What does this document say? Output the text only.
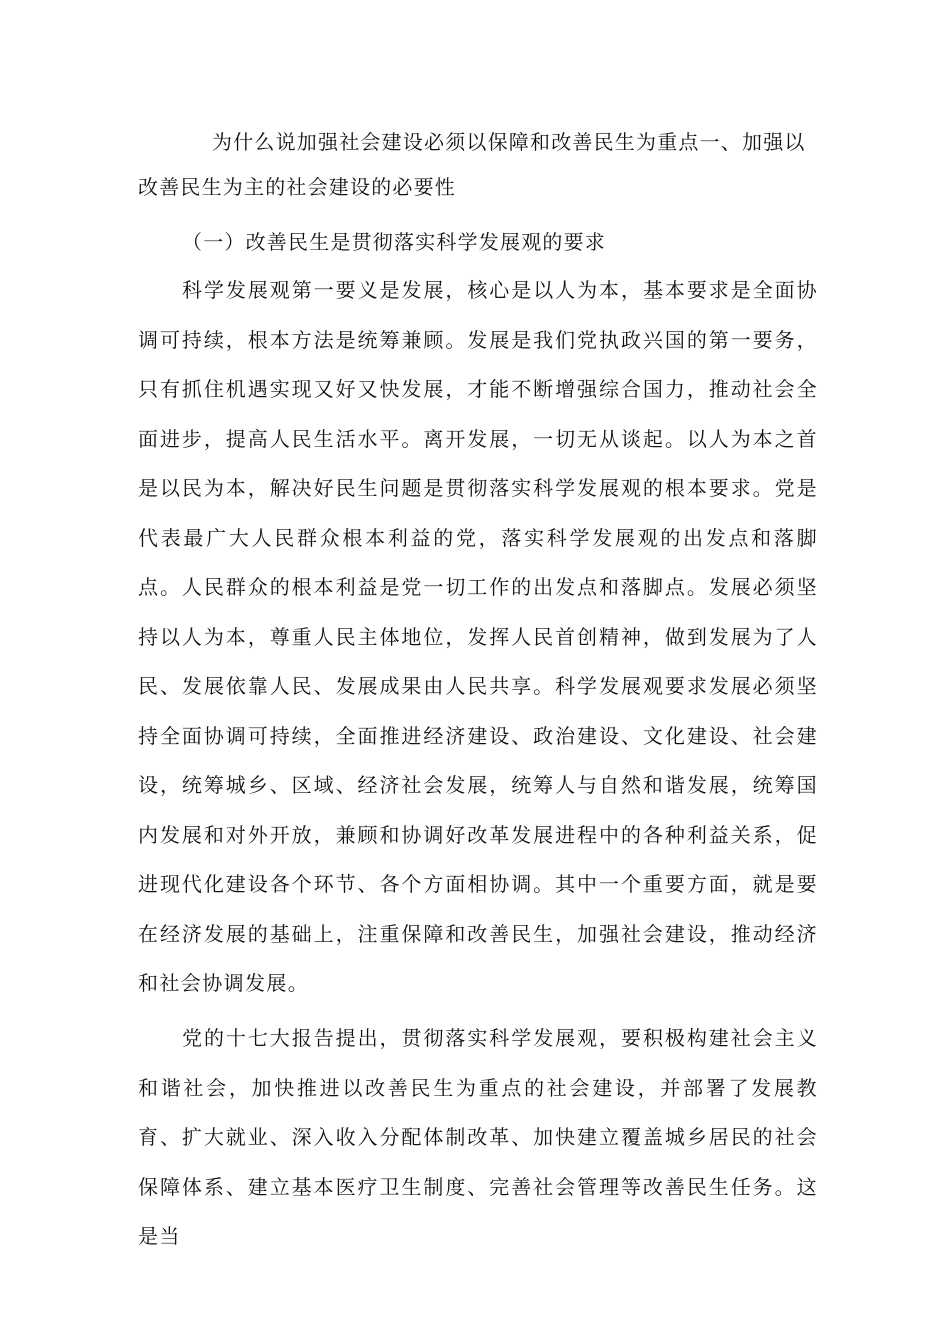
为什么说加强社会建设必须以保障和改善民生为重点一、加强以改善民生为主的社会建设的必要性
（一）改善民生是贯彻落实科学发展观的要求
科学发展观第一要义是发展，核心是以人为本，基本要求是全面协调可持续，根本方法是统筹兼顾。发展是我们党执政兴国的第一要务，只有抓住机遇实现又好又快发展，才能不断增强综合国力，推动社会全面进步，提高人民生活水平。离开发展，一切无从谈起。以人为本之首是以民为本，解决好民生问题是贯彻落实科学发展观的根本要求。党是代表最广大人民群众根本利益的党，落实科学发展观的出发点和落脚点。人民群众的根本利益是党一切工作的出发点和落脚点。发展必须坚持以人为本，尊重人民主体地位，发挥人民首创精神，做到发展为了人民、发展依靠人民、发展成果由人民共享。科学发展观要求发展必须坚持全面协调可持续，全面推进经济建设、政治建设、文化建设、社会建设，统筹城乡、区域、经济社会发展，统筹人与自然和谐发展，统筹国内发展和对外开放，兼顾和协调好改革发展进程中的各种利益关系，促进现代化建设各个环节、各个方面相协调。其中一个重要方面，就是要在经济发展的基础上，注重保障和改善民生，加强社会建设，推动经济和社会协调发展。
党的十七大报告提出，贯彻落实科学发展观，要积极构建社会主义和谐社会，加快推进以改善民生为重点的社会建设，并部署了发展教育、扩大就业、深入收入分配体制改革、加快建立覆盖城乡居民的社会保障体系、建立基本医疗卫生制度、完善社会管理等改善民生任务。这是当
